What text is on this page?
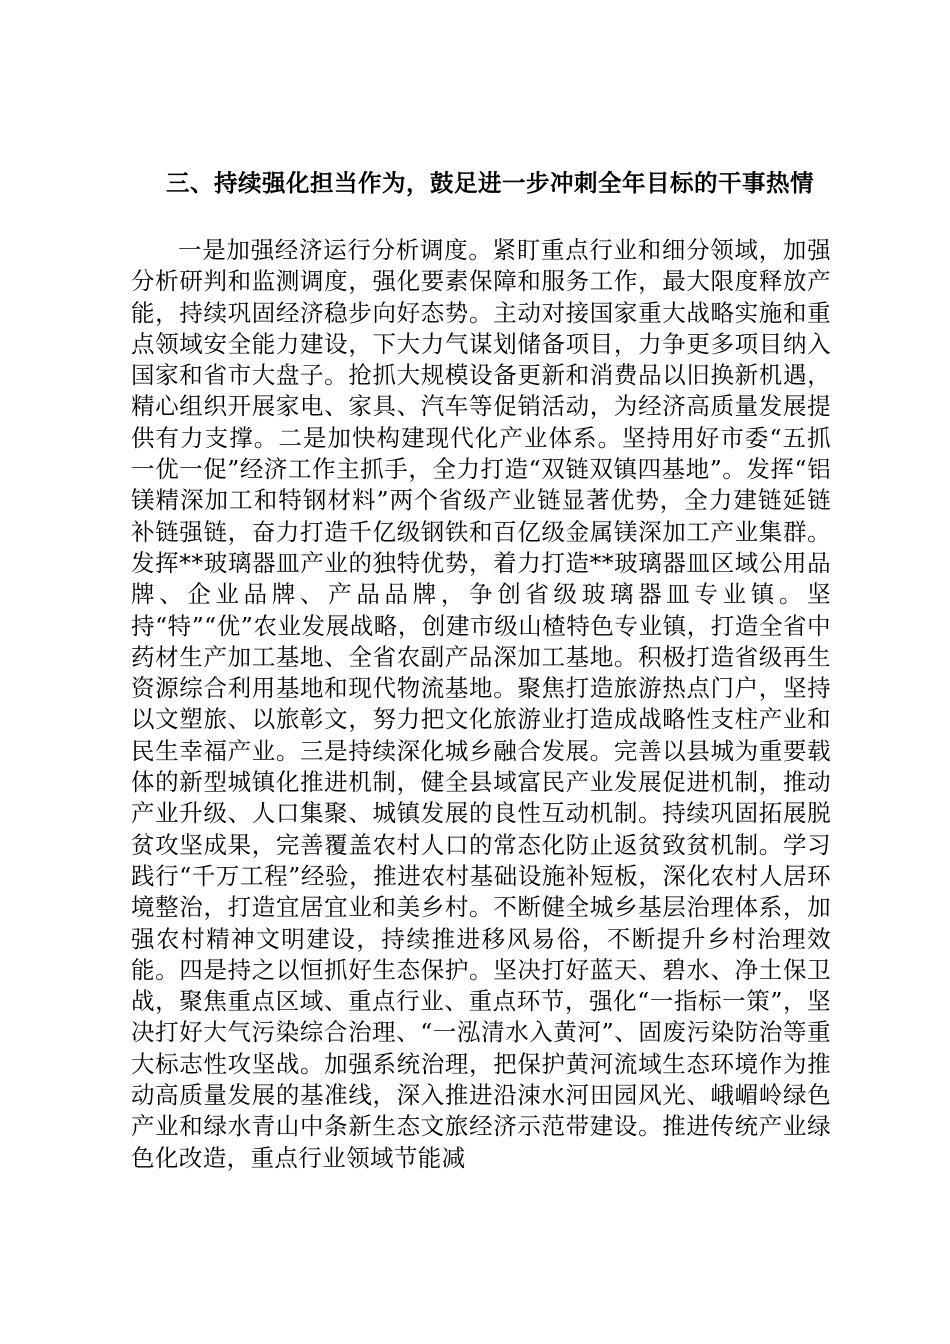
三、持续强化担当作为，鼓足进一步冲刺全年目标的干事热情

一是加强经济运行分析调度。紧盯重点行业和细分领域，加强分析研判和监测调度，强化要素保障和服务工作，最大限度释放产能，持续巩固经济稳步向好态势。主动对接国家重大战略实施和重点领域安全能力建设，下大力气谋划储备项目，力争更多项目纳入国家和省市大盘子。抢抓大规模设备更新和消费品以旧换新机遇，精心组织开展家电、家具、汽车等促销活动，为经济高质量发展提供有力支撑。二是加快构建现代化产业体系。坚持用好市委“五抓一优一促”经济工作主抓手，全力打造“双链双镇四基地”。发挥“铝镁精深加工和特钢材料”两个省级产业链显著优势，全力建链延链补链强链，奋力打造千亿级钢铁和百亿级金属镁深加工产业集群。发挥**玻璃器皿产业的独特优势，着力打造**玻璃器皿区域公用品牌、企业品牌、产品品牌，争创省级玻璃器皿专业镇。坚持“特”“优”农业发展战略，创建市级山楂特色专业镇，打造全省中药材生产加工基地、全省农副产品深加工基地。积极打造省级再生资源综合利用基地和现代物流基地。聚焦打造旅游热点门户，坚持以文塑旅、以旅彰文，努力把文化旅游业打造成战略性支柱产业和民生幸福产业。三是持续深化城乡融合发展。完善以县城为重要载体的新型城镇化推进机制，健全县域富民产业发展促进机制，推动产业升级、人口集聚、城镇发展的良性互动机制。持续巩固拓展脱贫攻坚成果，完善覆盖农村人口的常态化防止返贫致贫机制。学习践行“千万工程”经验，推进农村基础设施补短板，深化农村人居环境整治，打造宜居宜业和美乡村。不断健全城乡基层治理体系，加强农村精神文明建设，持续推进移风易俗，不断提升乡村治理效能。四是持之以恒抓好生态保护。坚决打好蓝天、碧水、净土保卫战，聚焦重点区域、重点行业、重点环节，强化“一指标一策”，坚决打好大气污染综合治理、“一泓清水入黄河”、固废污染防治等重大标志性攻坚战。加强系统治理，把保护黄河流域生态环境作为推动高质量发展的基准线，深入推进沿涑水河田园风光、峨嵋岭绿色产业和绿水青山中条新生态文旅经济示范带建设。推进传统产业绿色化改造，重点行业领域节能减
